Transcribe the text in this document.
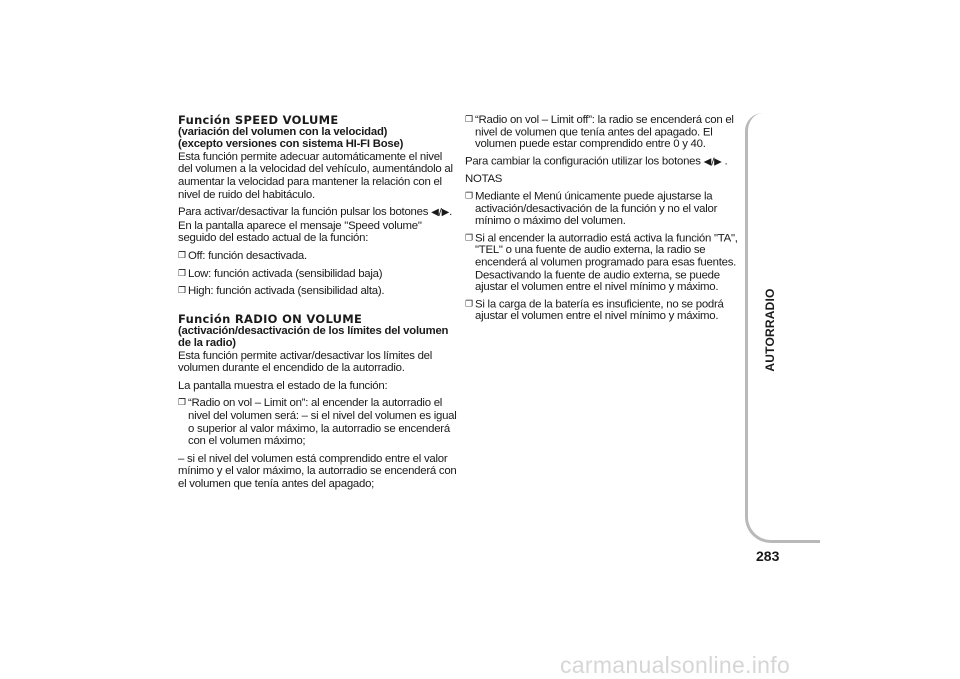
Función SPEED VOLUME
(variación del volumen con la velocidad)
(excepto versiones con sistema HI-FI Bose)

Esta función permite adecuar automáticamente el nivel del volumen a la velocidad del vehículo, aumentándolo al aumentar la velocidad para mantener la relación con el nivel de ruido del habitáculo.

Para activar/desactivar la función pulsar los botones ◀/▶. En la pantalla aparece el mensaje "Speed volume" seguido del estado actual de la función:

❐ Off: función desactivada.
❐ Low: función activada (sensibilidad baja)
❐ High: función activada (sensibilidad alta).
Función RADIO ON VOLUME
(activación/desactivación de los límites del volumen de la radio)

Esta función permite activar/desactivar los límites del volumen durante el encendido de la autorradio.

La pantalla muestra el estado de la función:

❐ “Radio on vol – Limit on”: al encender la autorradio el nivel del volumen será: – si el nivel del volumen es igual o superior al valor máximo, la autorradio se encenderá con el volumen máximo;

– si el nivel del volumen está comprendido entre el valor mínimo y el valor máximo, la autorradio se encenderá con el volumen que tenía antes del apagado;

❐ “Radio on vol – Limit off”: la radio se encenderá con el nivel de volumen que tenía antes del apagado. El volumen puede estar comprendido entre 0 y 40.

Para cambiar la configuración utilizar los botones ◀/▶ .

NOTAS

❐ Mediante el Menú únicamente puede ajustarse la activación/desactivación de la función y no el valor mínimo o máximo del volumen.
❐ Si al encender la autorradio está activa la función "TA", "TEL" o una fuente de audio externa, la radio se encenderá al volumen programado para esas fuentes. Desactivando la fuente de audio externa, se puede ajustar el volumen entre el nivel mínimo y máximo.
❐ Si la carga de la batería es insuficiente, no se podrá ajustar el volumen entre el nivel mínimo y máximo.	AUTORRADIO
283
carmanualsonline.info
